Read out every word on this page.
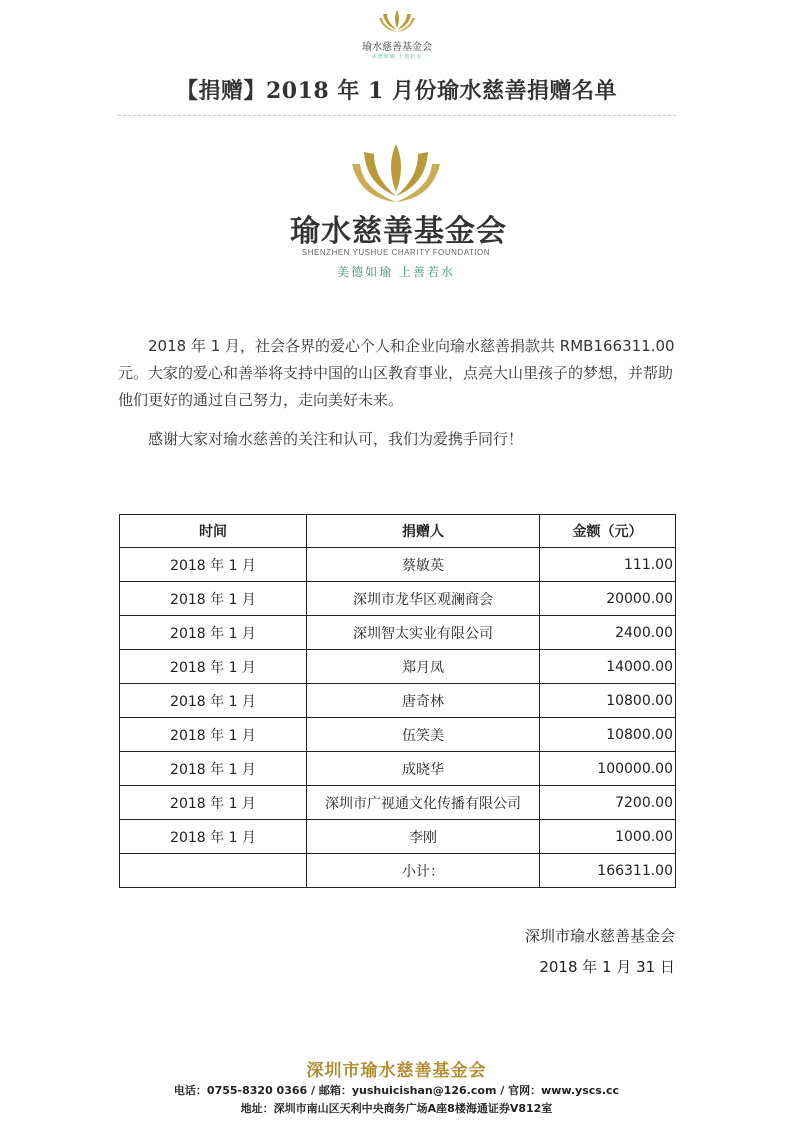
瑜水慈善基金会
美德如瑜 上善若水
【捐赠】2018 年 1 月份瑜水慈善捐赠名单
瑜水慈善基金会
SHENZHEN YUSHUE CHARITY FOUNDATION
美德如瑜 上善若水
2018 年 1 月，社会各界的爱心个人和企业向瑜水慈善捐款共 RMB166311.00 元。大家的爱心和善举将支持中国的山区教育事业，点亮大山里孩子的梦想，并帮助他们更好的通过自己努力，走向美好未来。
感谢大家对瑜水慈善的关注和认可，我们为爱携手同行！
时间	捐赠人	金额（元）
2018 年 1 月	蔡敏英	111.00
2018 年 1 月	深圳市龙华区观澜商会	20000.00
2018 年 1 月	深圳智太实业有限公司	2400.00
2018 年 1 月	郑月凤	14000.00
2018 年 1 月	唐奇林	10800.00
2018 年 1 月	伍笑美	10800.00
2018 年 1 月	成晓华	100000.00
2018 年 1 月	深圳市广视通文化传播有限公司	7200.00
2018 年 1 月	李刚	1000.00
	小计：	166311.00
深圳市瑜水慈善基金会
2018 年 1 月 31 日
深圳市瑜水慈善基金会
电话：0755-8320 0366 / 邮箱：yushuicishan@126.com / 官网：www.yscs.cc
地址：深圳市南山区天利中央商务广场A座8楼海通证券V812室
